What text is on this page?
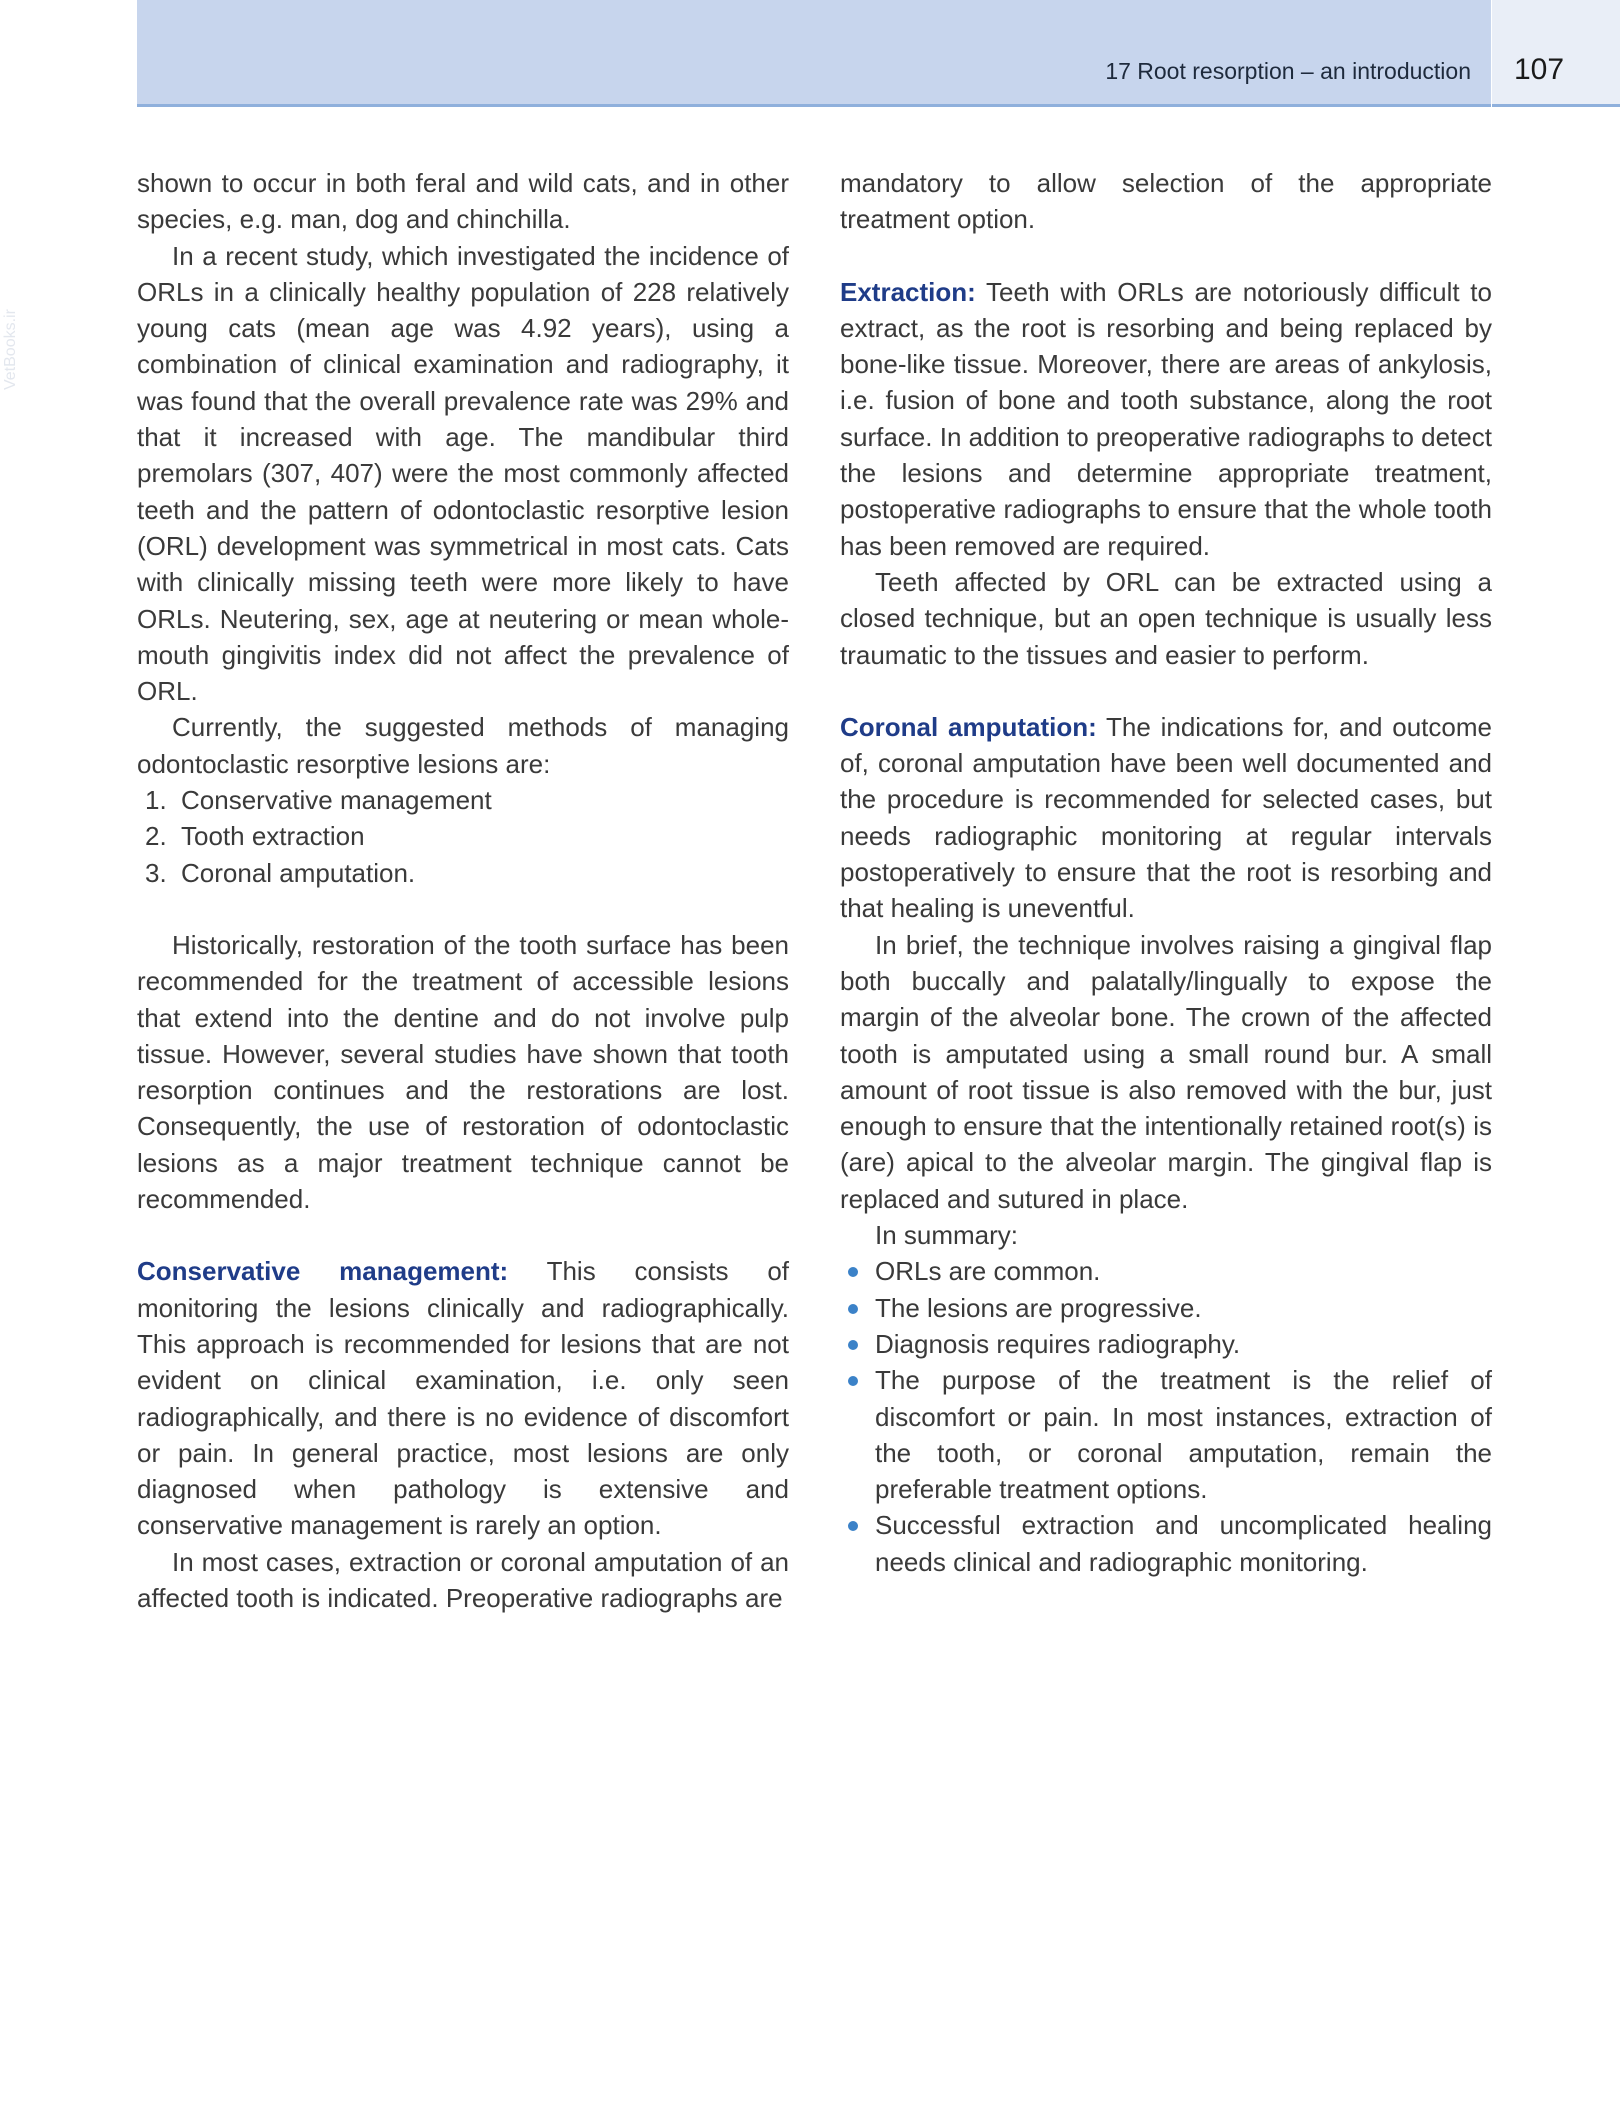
17 Root resorption – an introduction 107
VetBooks.ir

shown to occur in both feral and wild cats, and in other species, e.g. man, dog and chinchilla.

In a recent study, which investigated the incidence of ORLs in a clinically healthy population of 228 relatively young cats (mean age was 4.92 years), using a combination of clinical examination and radiography, it was found that the overall prevalence rate was 29% and that it increased with age. The mandibular third premolars (307, 407) were the most commonly affected teeth and the pattern of odontoclastic resorptive lesion (ORL) development was symmetrical in most cats. Cats with clinically missing teeth were more likely to have ORLs. Neutering, sex, age at neutering or mean whole-mouth gingivitis index did not affect the prevalence of ORL.

Currently, the suggested methods of managing odontoclastic resorptive lesions are:

1. Conservative management
2. Tooth extraction
3. Coronal amputation.

Historically, restoration of the tooth surface has been recommended for the treatment of accessible lesions that extend into the dentine and do not involve pulp tissue. However, several studies have shown that tooth resorption continues and the restorations are lost. Consequently, the use of restoration of odontoclastic lesions as a major treatment technique cannot be recommended.

Conservative management: This consists of monitoring the lesions clinically and radiographically. This approach is recommended for lesions that are not evident on clinical examination, i.e. only seen radiographically, and there is no evidence of discomfort or pain. In general practice, most lesions are only diagnosed when pathology is extensive and conservative management is rarely an option.

In most cases, extraction or coronal amputation of an affected tooth is indicated. Preoperative radiographs are

mandatory to allow selection of the appropriate treatment option.

Extraction: Teeth with ORLs are notoriously difficult to extract, as the root is resorbing and being replaced by bone-like tissue. Moreover, there are areas of ankylosis, i.e. fusion of bone and tooth substance, along the root surface. In addition to preoperative radiographs to detect the lesions and determine appropriate treatment, postoperative radiographs to ensure that the whole tooth has been removed are required.

Teeth affected by ORL can be extracted using a closed technique, but an open technique is usually less traumatic to the tissues and easier to perform.

Coronal amputation: The indications for, and outcome of, coronal amputation have been well documented and the procedure is recommended for selected cases, but needs radiographic monitoring at regular intervals postoperatively to ensure that the root is resorbing and that healing is uneventful.

In brief, the technique involves raising a gingival flap both buccally and palatally/lingually to expose the margin of the alveolar bone. The crown of the affected tooth is amputated using a small round bur. A small amount of root tissue is also removed with the bur, just enough to ensure that the intentionally retained root(s) is (are) apical to the alveolar margin. The gingival flap is replaced and sutured in place.

In summary:

ORLs are common.
The lesions are progressive.
Diagnosis requires radiography.
The purpose of the treatment is the relief of discomfort or pain. In most instances, extraction of the tooth, or coronal amputation, remain the preferable treatment options.
Successful extraction and uncomplicated healing needs clinical and radiographic monitoring.
